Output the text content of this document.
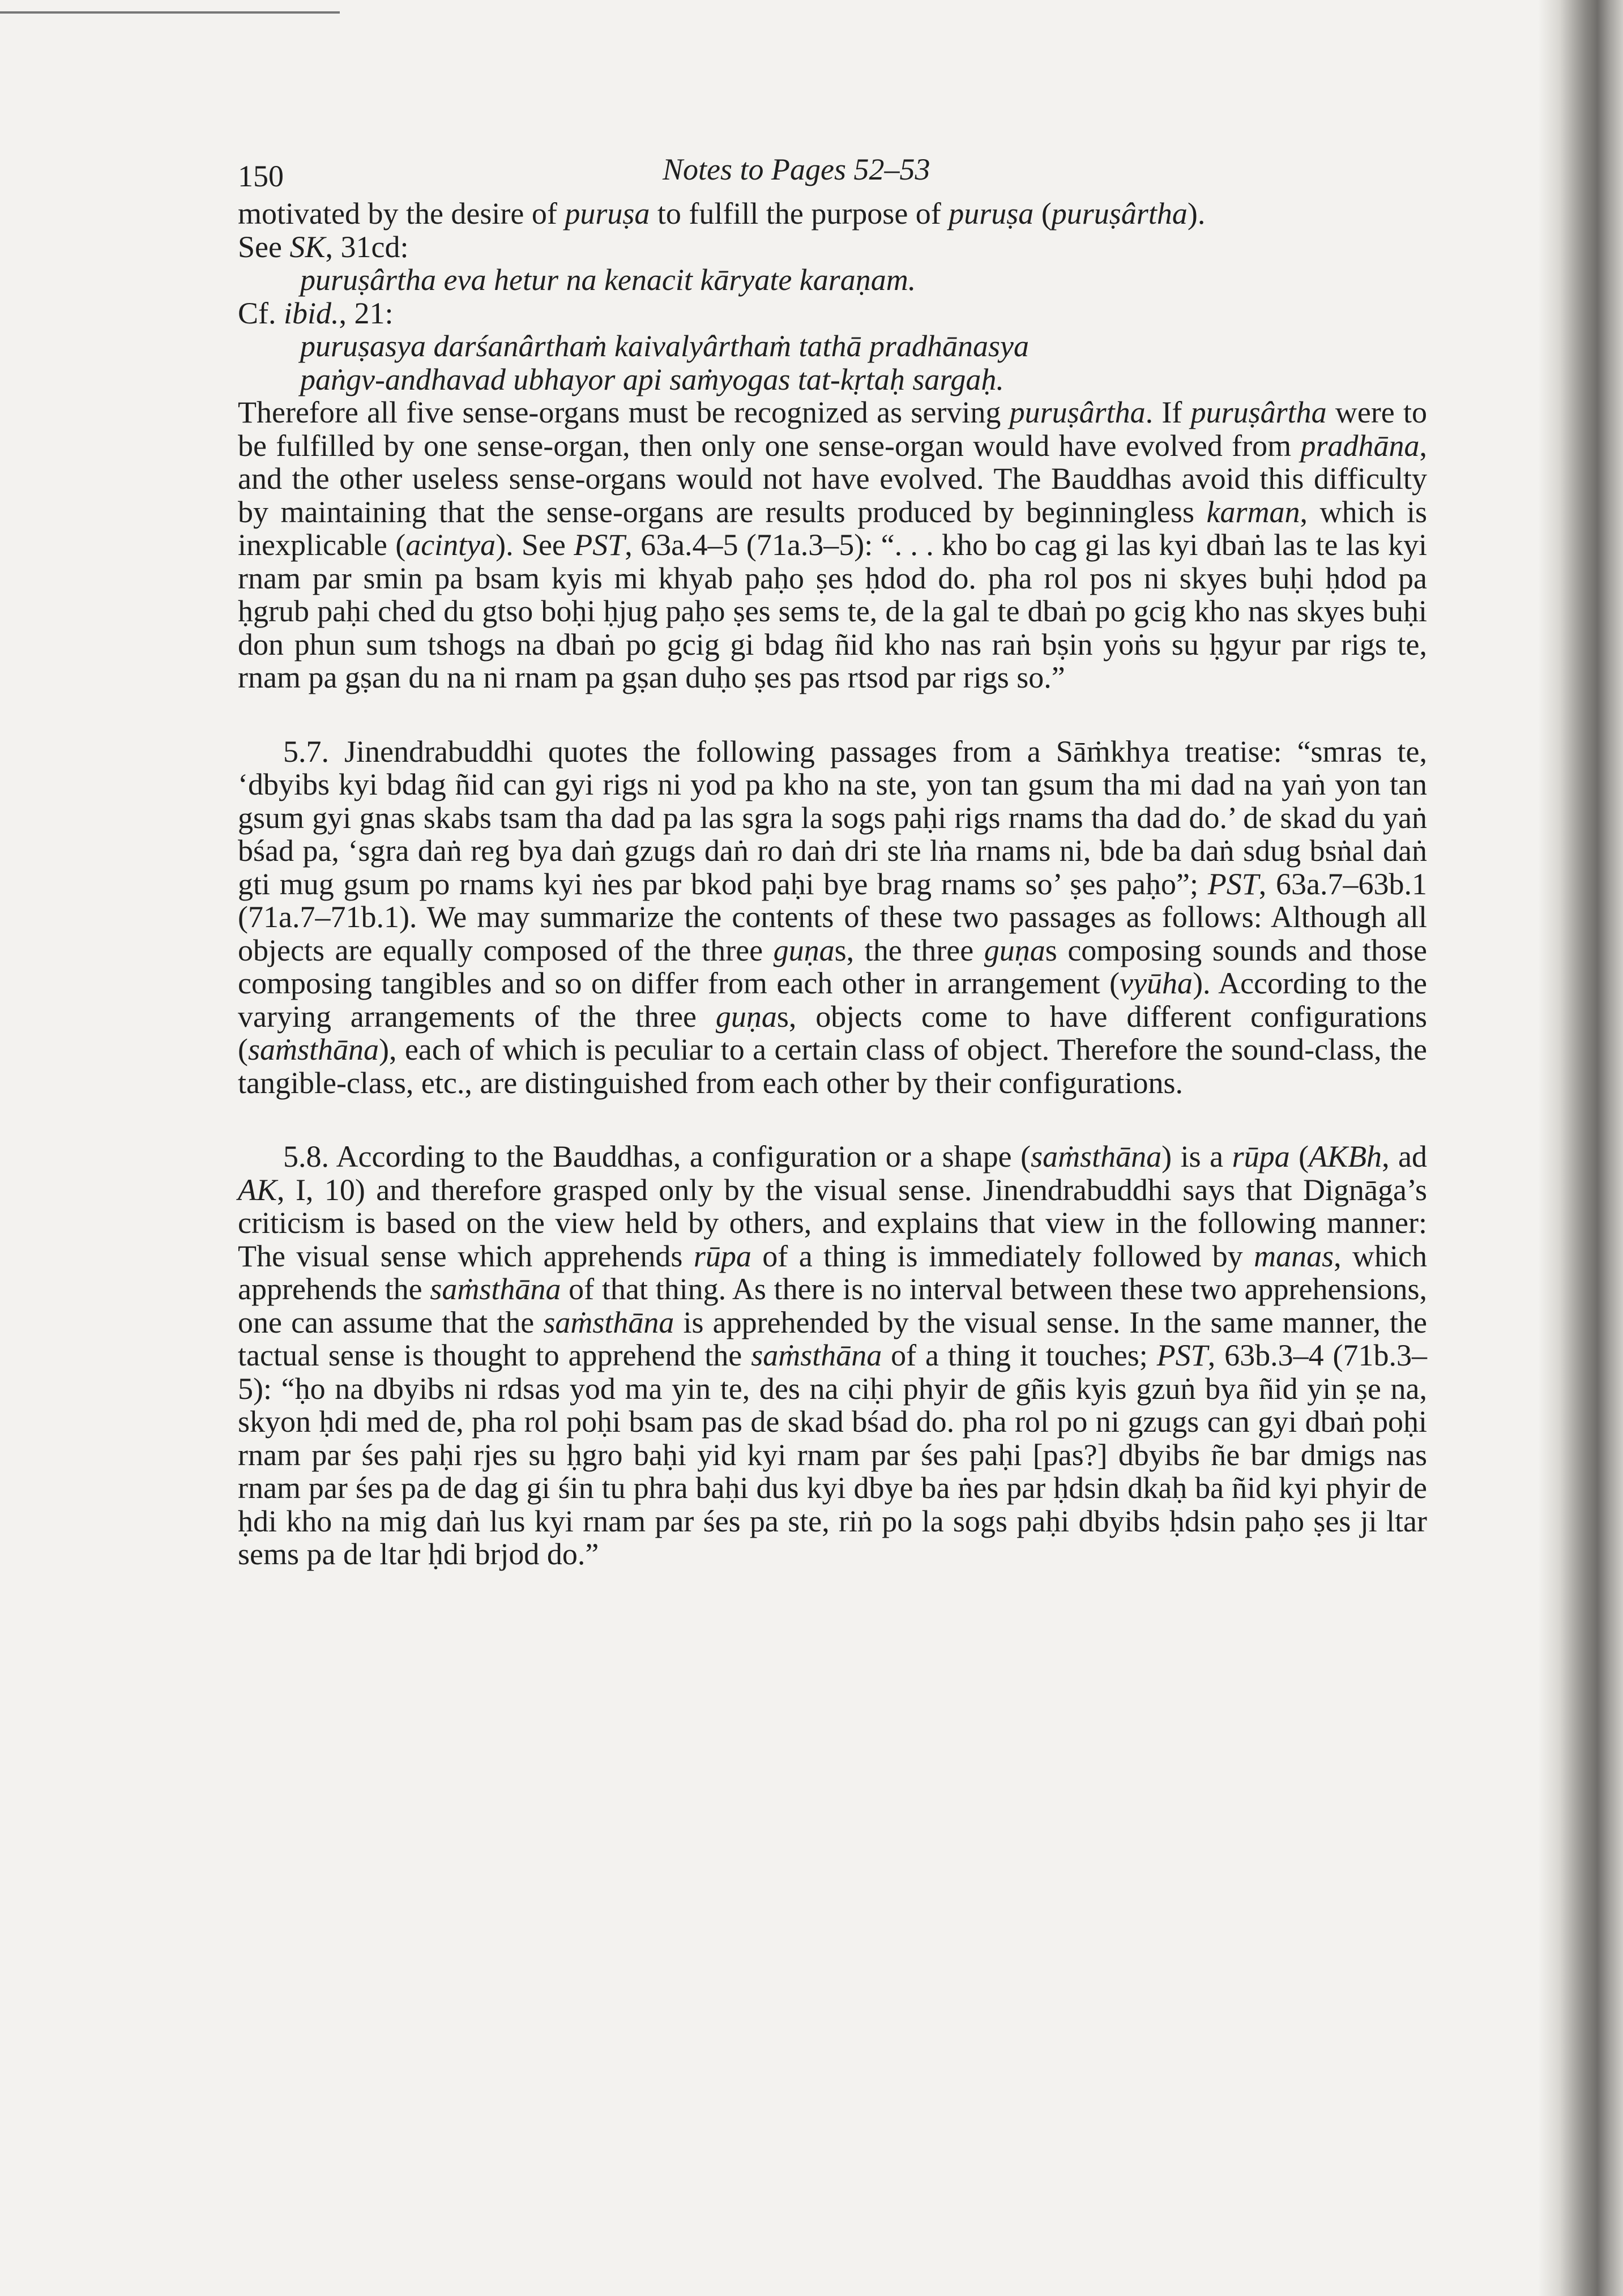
150	Notes to Pages 52–53

motivated by the desire of puruṣa to fulfill the purpose of puruṣa (puruṣârtha).
See SK, 31cd:

puruṣârtha eva hetur na kenacit kāryate karaṇam.

Cf. ibid., 21:

puruṣasya darśanârthaṁ kaivalyârthaṁ tathā pradhānasya

paṅgv-andhavad ubhayor api saṁyogas tat-kṛtaḥ sargaḥ.

Therefore all five sense-organs must be recognized as serving puruṣârtha. If puruṣârtha were to be fulfilled by one sense-organ, then only one sense-organ would have evolved from pradhāna, and the other useless sense-organs would not have evolved. The Bauddhas avoid this difficulty by maintaining that the sense-organs are results produced by beginningless karman, which is inexplicable (acintya). See PST, 63a.4–5 (71a.3–5): “. . . kho bo cag gi las kyi dbaṅ las te las kyi rnam par smin pa bsam kyis mi khyab paḥo ṣes ḥdod do. pha rol pos ni skyes buḥi ḥdod pa ḥgrub paḥi ched du gtso boḥi ḥjug paḥo ṣes sems te, de la gal te dbaṅ po gcig kho nas skyes buḥi don phun sum tshogs na dbaṅ po gcig gi bdag ñid kho nas raṅ bṣin yoṅs su ḥgyur par rigs te, rnam pa gṣan du na ni rnam pa gṣan duḥo ṣes pas rtsod par rigs so.”

5.7. Jinendrabuddhi quotes the following passages from a Sāṁkhya treatise: “smras te, ‘dbyibs kyi bdag ñid can gyi rigs ni yod pa kho na ste, yon tan gsum tha mi dad na yaṅ yon tan gsum gyi gnas skabs tsam tha dad pa las sgra la sogs paḥi rigs rnams tha dad do.’ de skad du yaṅ bśad pa, ‘sgra daṅ reg bya daṅ gzugs daṅ ro daṅ dri ste lṅa rnams ni, bde ba daṅ sdug bsṅal daṅ gti mug gsum po rnams kyi ṅes par bkod paḥi bye brag rnams so’ ṣes paḥo”; PST, 63a.7–63b.1 (71a.7–71b.1). We may summarize the contents of these two passages as follows: Although all objects are equally composed of the three guṇas, the three guṇas composing sounds and those composing tangibles and so on differ from each other in arrangement (vyūha). According to the varying arrangements of the three guṇas, objects come to have different configurations (saṁsthāna), each of which is peculiar to a certain class of object. Therefore the sound-class, the tangible-class, etc., are distinguished from each other by their configurations.

5.8. According to the Bauddhas, a configuration or a shape (saṁsthāna) is a rūpa (AKBh, ad AK, I, 10) and therefore grasped only by the visual sense. Jinendrabuddhi says that Dignāga’s criticism is based on the view held by others, and explains that view in the following manner: The visual sense which apprehends rūpa of a thing is immediately followed by manas, which apprehends the saṁsthāna of that thing. As there is no interval between these two apprehensions, one can assume that the saṁsthāna is apprehended by the visual sense. In the same manner, the tactual sense is thought to apprehend the saṁsthāna of a thing it touches; PST, 63b.3–4 (71b.3–5): “ḥo na dbyibs ni rdsas yod ma yin te, des na ciḥi phyir de gñis kyis gzuṅ bya ñid yin ṣe na, skyon ḥdi med de, pha rol poḥi bsam pas de skad bśad do. pha rol po ni gzugs can gyi dbaṅ poḥi rnam par śes paḥi rjes su ḥgro baḥi yid kyi rnam par śes paḥi [pas?] dbyibs ñe bar dmigs nas rnam par śes pa de dag gi śin tu phra baḥi dus kyi dbye ba ṅes par ḥdsin dkaḥ ba ñid kyi phyir de ḥdi kho na mig daṅ lus kyi rnam par śes pa ste, riṅ po la sogs paḥi dbyibs ḥdsin paḥo ṣes ji ltar sems pa de ltar ḥdi brjod do.”
